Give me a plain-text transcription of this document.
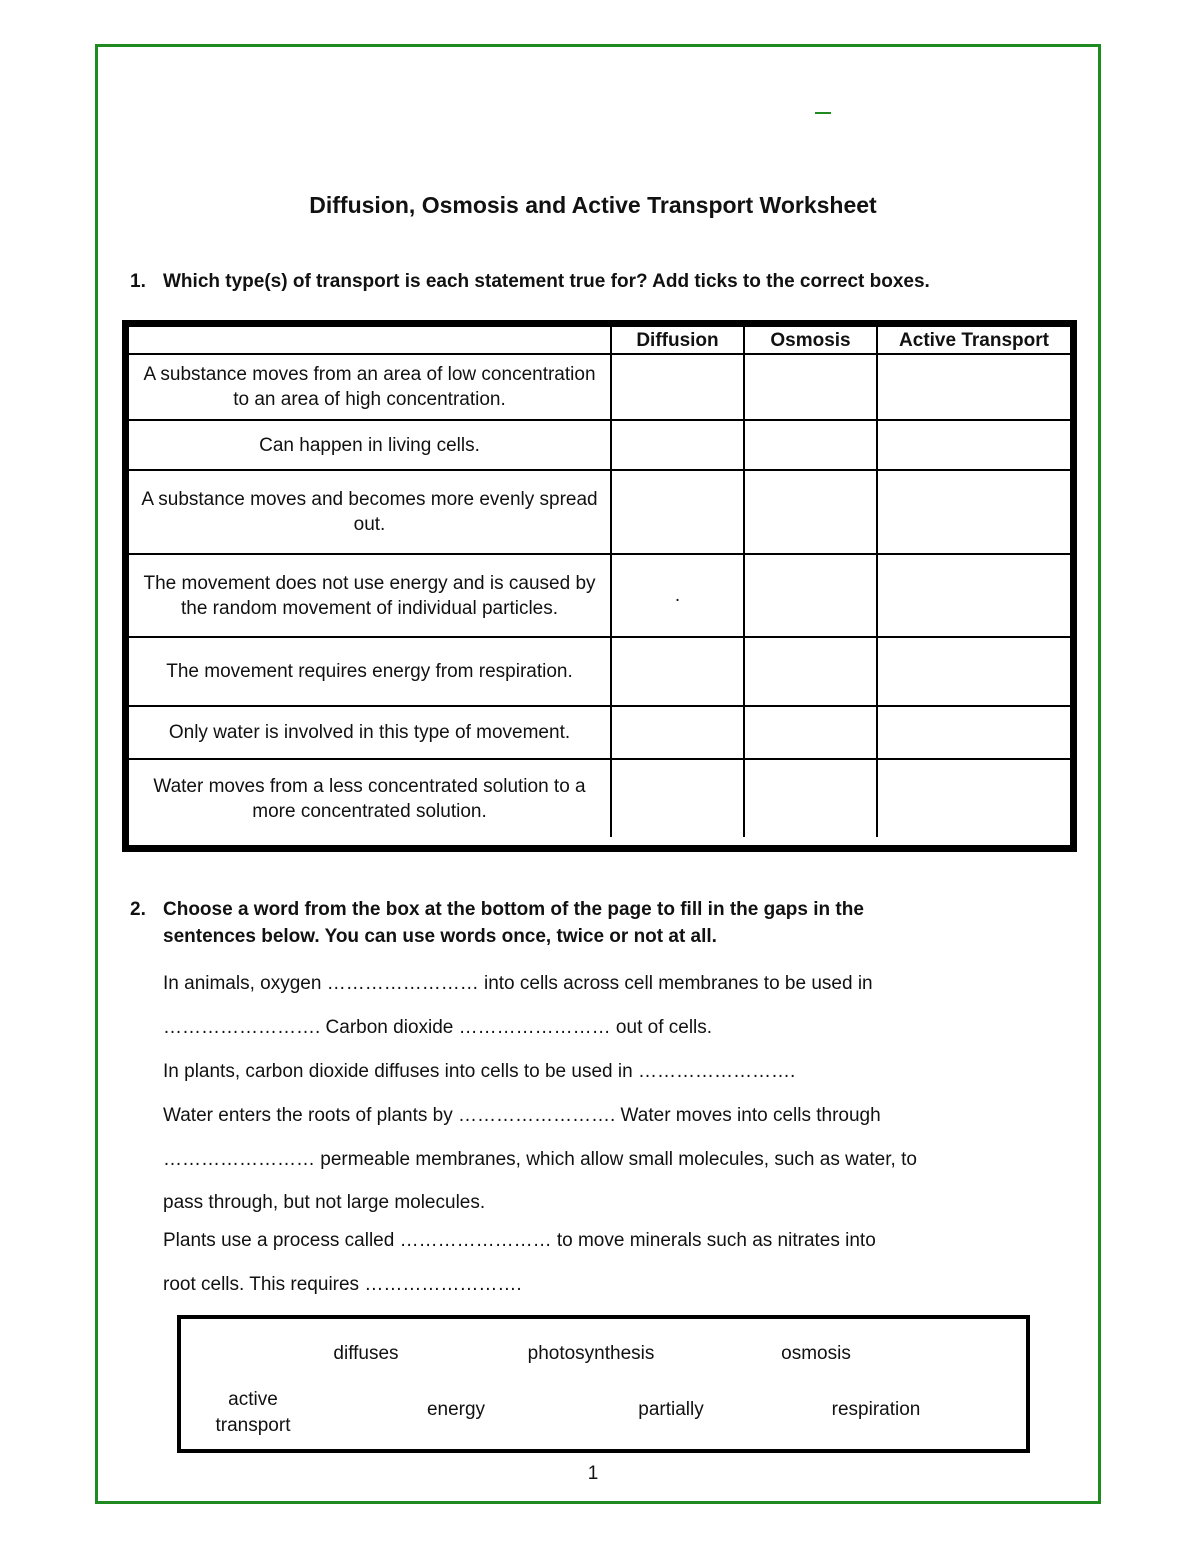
Diffusion, Osmosis and Active Transport Worksheet
1. Which type(s) of transport is each statement true for? Add ticks to the correct boxes.
	Diffusion	Osmosis	Active Transport
A substance moves from an area of low concentration to an area of high concentration.			
Can happen in living cells.			
A substance moves and becomes more evenly spread out.			
The movement does not use energy and is caused by the random movement of individual particles.	.		
The movement requires energy from respiration.			
Only water is involved in this type of movement.			
Water moves from a less concentrated solution to a more concentrated solution.			
2. Choose a word from the box at the bottom of the page to fill in the gaps in the
sentences below. You can use words once, twice or not at all.
In animals, oxygen …………………… into cells across cell membranes to be used in
……………………. Carbon dioxide …………………… out of cells.
In plants, carbon dioxide diffuses into cells to be used in …………………….
Water enters the roots of plants by ……………………. Water moves into cells through
…………………… permeable membranes, which allow small molecules, such as water, to
pass through, but not large molecules.
Plants use a process called …………………… to move minerals such as nitrates into
root cells. This requires …………………….
diffuses	photosynthesis	osmosis
active transport
energy	partially	respiration
1
